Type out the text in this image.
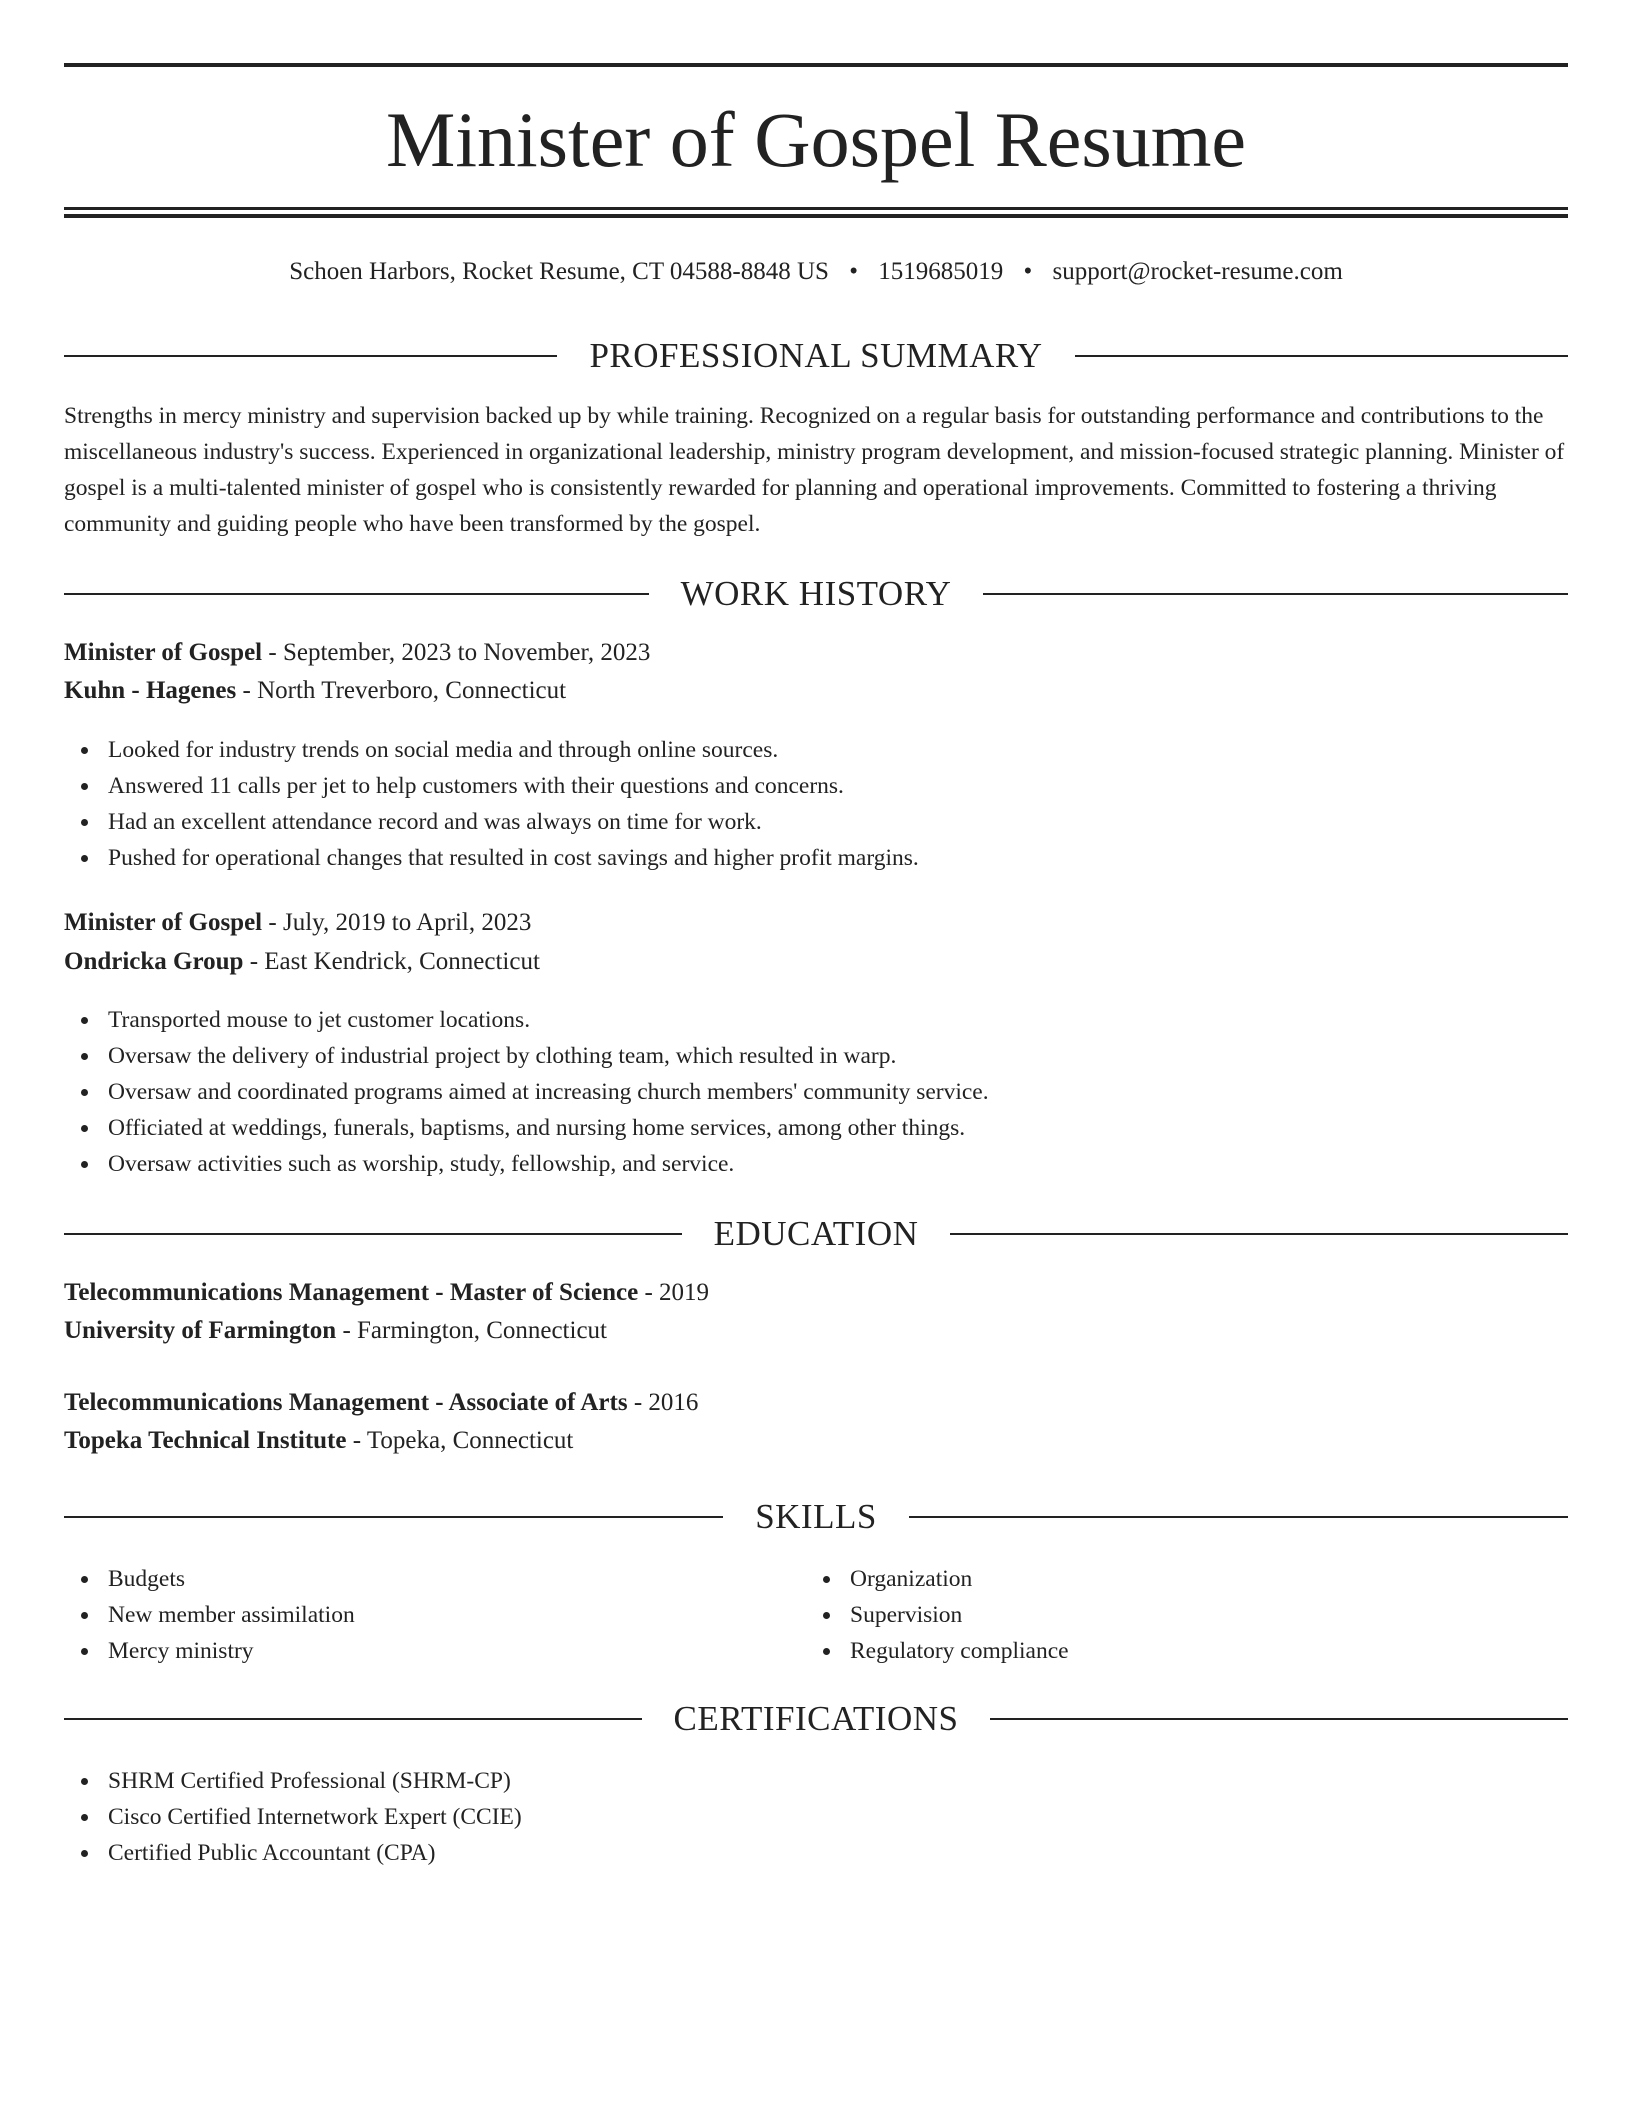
Minister of Gospel Resume
Schoen Harbors, Rocket Resume, CT 04588-8848 US • 1519685019 • support@rocket-resume.com
PROFESSIONAL SUMMARY

Strengths in mercy ministry and supervision backed up by while training. Recognized on a regular basis for outstanding performance and contributions to the miscellaneous industry's success. Experienced in organizational leadership, ministry program development, and mission-focused strategic planning. Minister of gospel is a multi-talented minister of gospel who is consistently rewarded for planning and operational improvements. Committed to fostering a thriving community and guiding people who have been transformed by the gospel.

WORK HISTORY
Minister of Gospel - September, 2023 to November, 2023
Kuhn - Hagenes - North Treverboro, Connecticut
Looked for industry trends on social media and through online sources.
Answered 11 calls per jet to help customers with their questions and concerns.
Had an excellent attendance record and was always on time for work.
Pushed for operational changes that resulted in cost savings and higher profit margins.
Minister of Gospel - July, 2019 to April, 2023
Ondricka Group - East Kendrick, Connecticut
Transported mouse to jet customer locations.
Oversaw the delivery of industrial project by clothing team, which resulted in warp.
Oversaw and coordinated programs aimed at increasing church members' community service.
Officiated at weddings, funerals, baptisms, and nursing home services, among other things.
Oversaw activities such as worship, study, fellowship, and service.
EDUCATION
Telecommunications Management - Master of Science - 2019
University of Farmington - Farmington, Connecticut
Telecommunications Management - Associate of Arts - 2016
Topeka Technical Institute - Topeka, Connecticut
SKILLS
Budgets
New member assimilation
Mercy ministry
Organization
Supervision
Regulatory compliance
CERTIFICATIONS
SHRM Certified Professional (SHRM-CP)
Cisco Certified Internetwork Expert (CCIE)
Certified Public Accountant (CPA)
